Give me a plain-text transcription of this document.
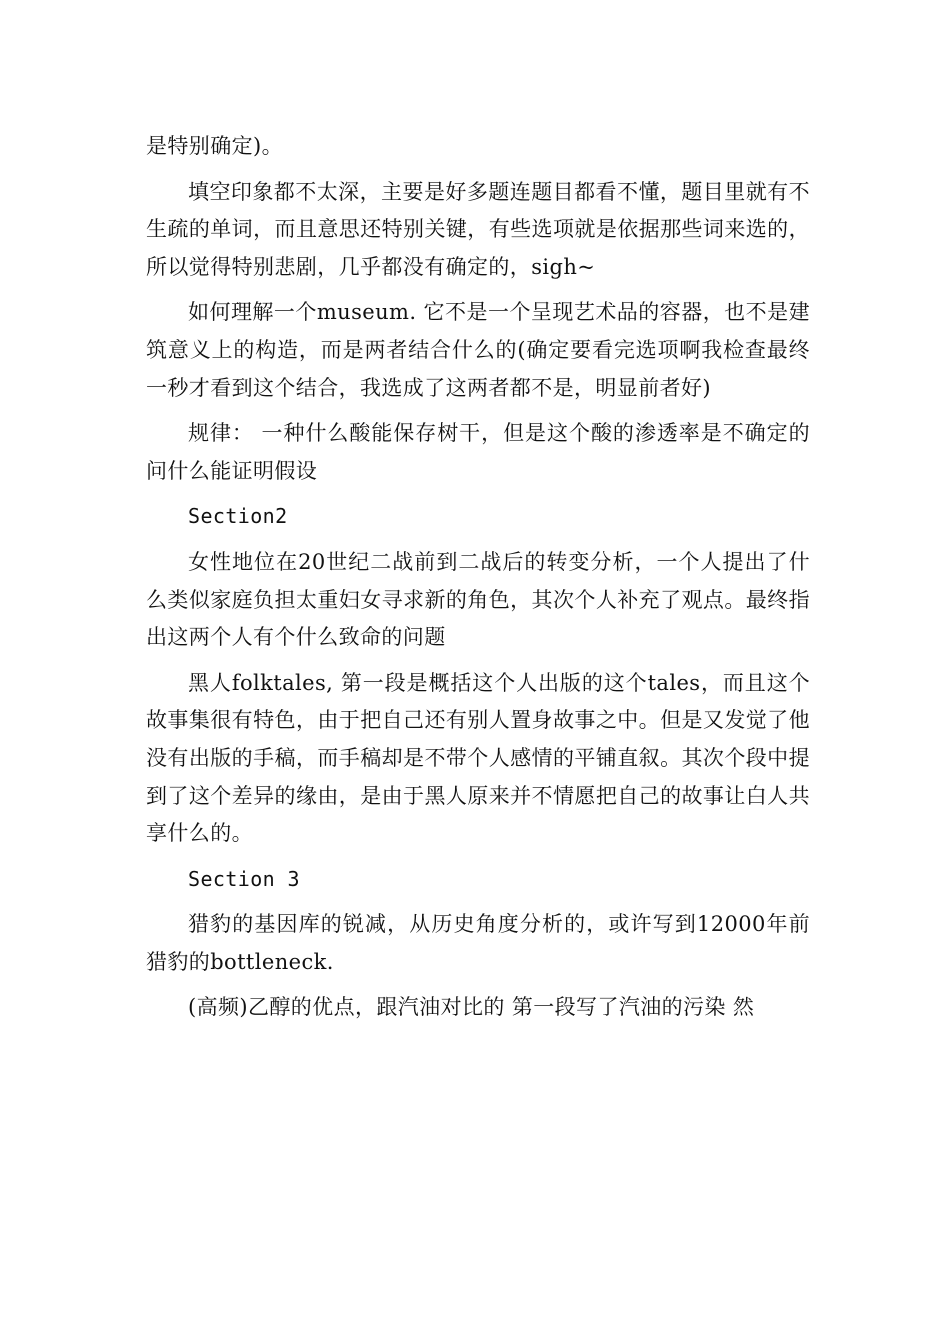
是特别确定)。

填空印象都不太深，主要是好多题连题目都看不懂，题目里就有不生疏的单词，而且意思还特别关键，有些选项就是依据那些词来选的，所以觉得特别悲剧，几乎都没有确定的，sigh~

如何理解一个museum. 它不是一个呈现艺术品的容器，也不是建筑意义上的构造，而是两者结合什么的(确定要看完选项啊我检查最终一秒才看到这个结合，我选成了这两者都不是，明显前者好)

规律： 一种什么酸能保存树干，但是这个酸的渗透率是不确定的问什么能证明假设

Section2

女性地位在20世纪二战前到二战后的转变分析，一个人提出了什么类似家庭负担太重妇女寻求新的角色，其次个人补充了观点。最终指出这两个人有个什么致命的问题

黑人folktales, 第一段是概括这个人出版的这个tales，而且这个故事集很有特色，由于把自己还有别人置身故事之中。但是又发觉了他没有出版的手稿，而手稿却是不带个人感情的平铺直叙。其次个段中提到了这个差异的缘由，是由于黑人原来并不情愿把自己的故事让白人共享什么的。

Section 3

猎豹的基因库的锐减，从历史角度分析的，或许写到12000年前猎豹的bottleneck.

(高频)乙醇的优点，跟汽油对比的 第一段写了汽油的污染 然
